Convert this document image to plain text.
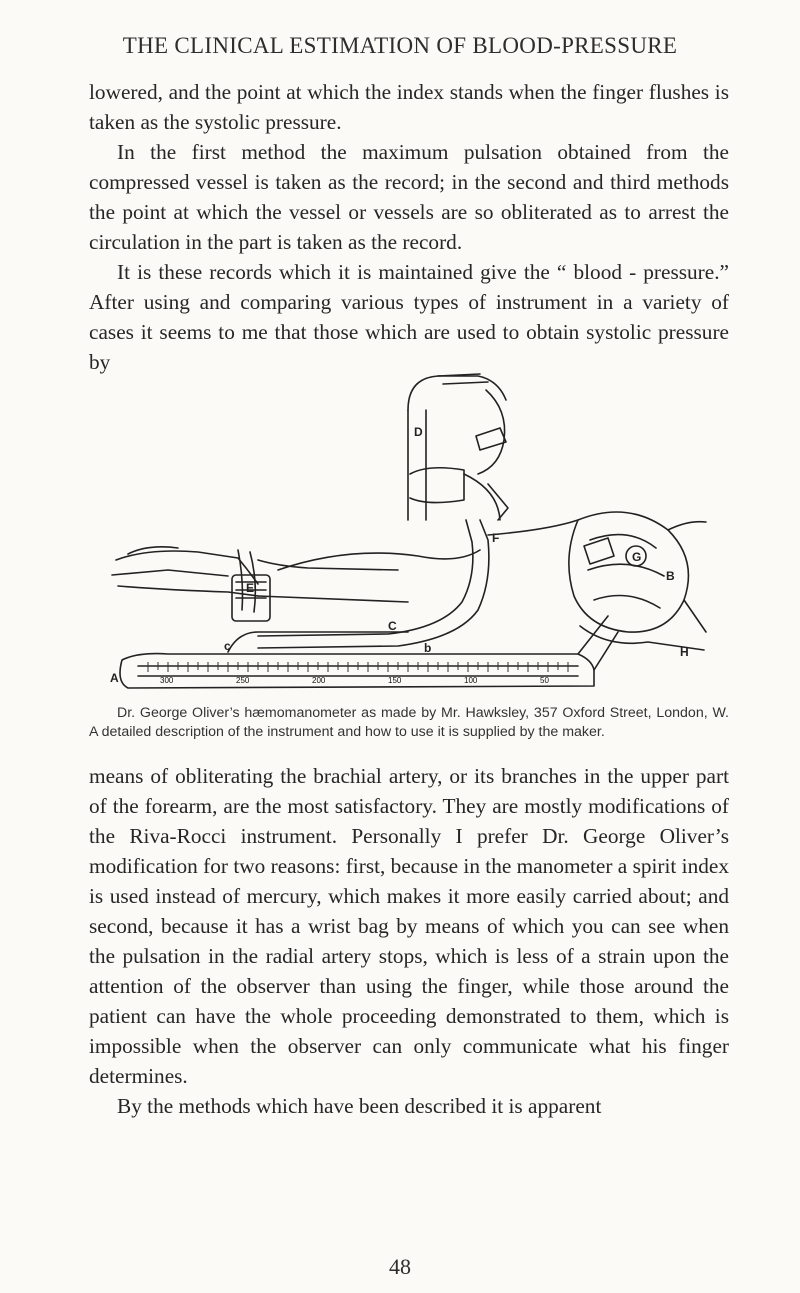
THE CLINICAL ESTIMATION OF BLOOD-PRESSURE

lowered, and the point at which the index stands when the finger flushes is taken as the systolic pressure.

In the first method the maximum pulsation obtained from the compressed vessel is taken as the record; in the second and third methods the point at which the vessel or vessels are so obliterated as to arrest the circulation in the part is taken as the record.

It is these records which it is maintained give the “ blood - pressure.” After using and comparing various types of instrument in a variety of cases it seems to me that those which are used to obtain systolic pressure by

300	250	200	150	100	50
A
c
C
b
D
E
F
G
B
H
Dr. George Oliver’s hæmomanometer as made by Mr. Hawksley, 357 Oxford Street, London, W. A detailed description of the instrument and how to use it is supplied by the maker.

means of obliterating the brachial artery, or its branches in the upper part of the forearm, are the most satisfactory. They are mostly modifications of the Riva-Rocci instrument. Personally I prefer Dr. George Oliver’s modification for two reasons: first, because in the manometer a spirit index is used instead of mercury, which makes it more easily carried about; and second, because it has a wrist bag by means of which you can see when the pulsation in the radial artery stops, which is less of a strain upon the attention of the observer than using the finger, while those around the patient can have the whole proceeding demonstrated to them, which is impossible when the observer can only communicate what his finger determines.

By the methods which have been described it is apparent

48
